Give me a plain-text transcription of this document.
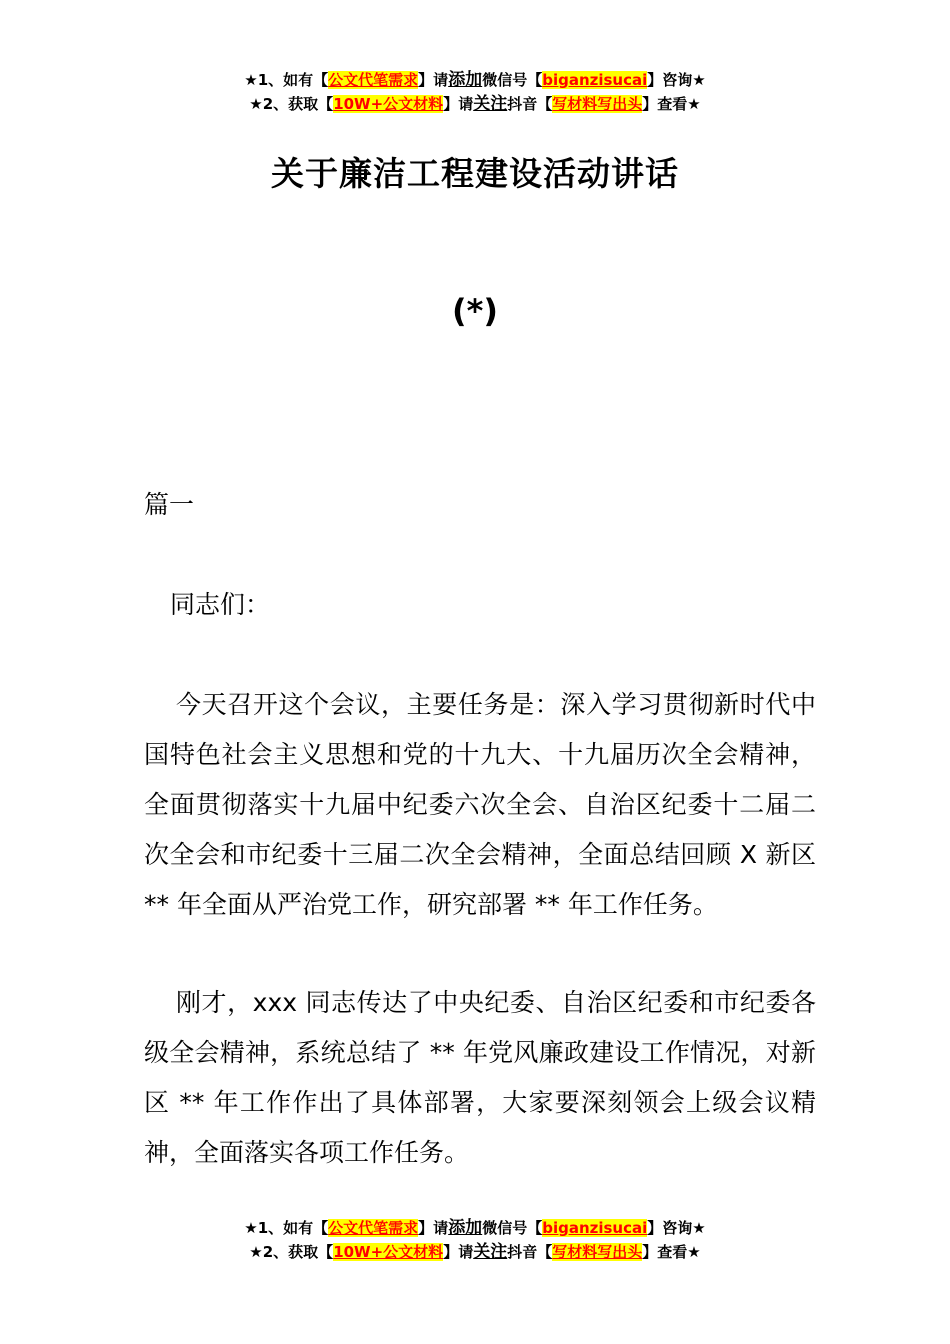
★1、如有【公文代笔需求】请添加微信号【biganzisucai】咨询★
★2、获取【10W+公文材料】请关注抖音【写材料写出头】查看★
关于廉洁工程建设活动讲话
(*)
篇一
同志们：
今天召开这个会议，主要任务是：深入学习贯彻新时代中国特色社会主义思想和党的十九大、十九届历次全会精神，全面贯彻落实十九届中纪委六次全会、自治区纪委十二届二次全会和市纪委十三届二次全会精神，全面总结回顾 X 新区** 年全面从严治党工作，研究部署 ** 年工作任务。
刚才，xxx 同志传达了中央纪委、自治区纪委和市纪委各级全会精神，系统总结了 ** 年党风廉政建设工作情况，对新区 ** 年工作作出了具体部署，大家要深刻领会上级会议精神，全面落实各项工作任务。
★1、如有【公文代笔需求】请添加微信号【biganzisucai】咨询★
★2、获取【10W+公文材料】请关注抖音【写材料写出头】查看★
